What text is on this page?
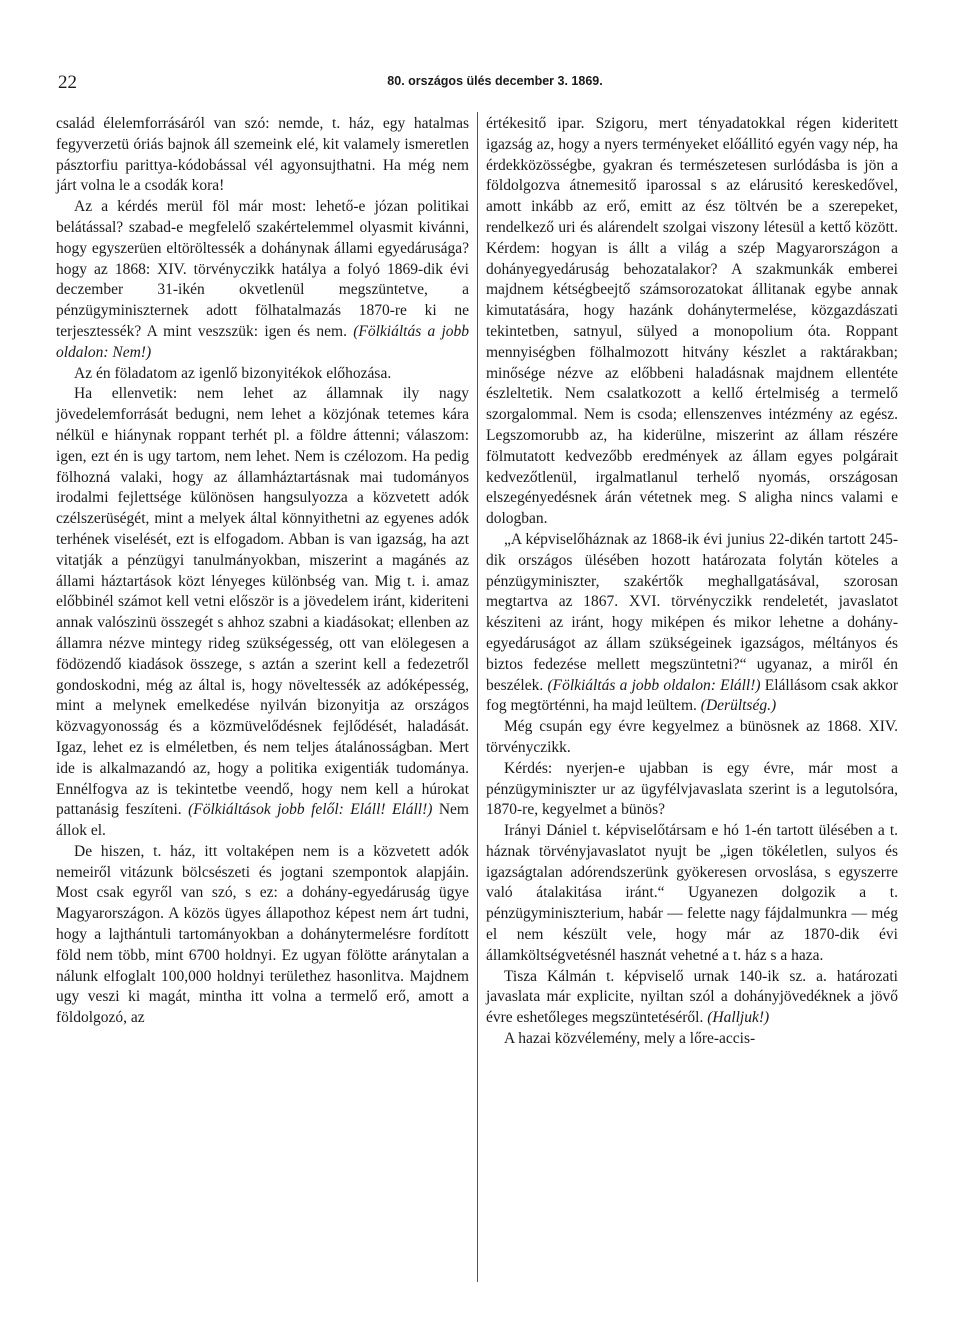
22	80. országos ülés december 3. 1869.

család élelemforrásáról van szó: nemde, t. ház, egy hatalmas fegyverzetü óriás bajnok áll szemeink elé, kit valamely ismeretlen pásztorfiu parittya-kódobással vél agyonsujthatni. Ha még nem járt volna le a csodák kora!

Az a kérdés merül föl már most: lehető-e józan politikai belátással? szabad-e megfelelő szakértelemmel olyasmit kivánni, hogy egyszerüen eltöröltessék a dohánynak állami egyedárusága? hogy az 1868: XIV. törvényczikk hatálya a folyó 1869-dik évi deczember 31-ikén okvetlenül megszüntetve, a pénzügyminiszternek adott fölhatalmazás 1870-re ki ne terjesztessék? A mint veszszük: igen és nem. (Fölkiáltás a jobb oldalon: Nem!)

Az én föladatom az igenlő bizonyitékok előhozása.

Ha ellenvetik: nem lehet az államnak ily nagy jövedelemforrását bedugni, nem lehet a közjónak tetemes kára nélkül e hiánynak roppant terhét pl. a földre áttenni; válaszom: igen, ezt én is ugy tartom, nem lehet. Nem is czélozom. Ha pedig fölhozná valaki, hogy az államháztartásnak mai tudományos irodalmi fejlettsége különösen hangsulyozza a közvetett adók czélszerüségét, mint a melyek által könnyithetni az egyenes adók terhének viselését, ezt is elfogadom. Abban is van igazság, ha azt vitatják a pénzügyi tanulmányokban, miszerint a magánés az állami háztartások közt lényeges különbség van. Mig t. i. amaz előbbinél számot kell vetni először is a jövedelem iránt, kideriteni annak valószinü összegét s ahhoz szabni a kiadásokat; ellenben az államra nézve mintegy rideg szükségesség, ott van elölegesen a födözendő kiadások összege, s aztán a szerint kell a fedezetről gondoskodni, még az által is, hogy növeltessék az adóképesség, mint a melynek emelkedése nyilván bizonyitja az országos közvagyonosság és a közmüvelődésnek fejlődését, haladását. Igaz, lehet ez is elméletben, és nem teljes átalánosságban. Mert ide is alkalmazandó az, hogy a politika exigentiák tudománya. Ennélfogva az is tekintetbe veendő, hogy nem kell a húrokat pattanásig feszíteni. (Fölkiáltások jobb felől: Eláll! Eláll!) Nem állok el.

De hiszen, t. ház, itt voltaképen nem is a közvetett adók nemeiről vitázunk bölcsészeti és jogtani szempontok alapjáin. Most csak egyről van szó, s ez: a dohány-egyedáruság ügye Magyarországon. A közös ügyes állapothoz képest nem árt tudni, hogy a lajthántuli tartományokban a dohánytermelésre fordított föld nem több, mint 6700 holdnyi. Ez ugyan fölötte aránytalan a nálunk elfoglalt 100,000 holdnyi területhez hasonlitva. Majdnem ugy veszi ki magát, mintha itt volna a termelő erő, amott a földolgozó, az

értékesitő ipar. Szigoru, mert tényadatokkal régen kideritett igazság az, hogy a nyers terményeket előállitó egyén vagy nép, ha érdekközösségbe, gyakran és természetesen surlódásba is jön a földolgozva átnemesitő iparossal s az elárusitó kereskedővel, amott inkább az erő, emitt az ész töltvén be a szerepeket, rendelkező uri és alárendelt szolgai viszony létesül a kettő között. Kérdem: hogyan is állt a világ a szép Magyarországon a dohányegyedáruság behozatalakor? A szakmunkák emberei majdnem kétségbeejtő számsorozatokat állitanak egybe annak kimutatására, hogy hazánk dohánytermelése, közgazdászati tekintetben, satnyul, sülyed a monopolium óta. Roppant mennyiségben fölhalmozott hitvány készlet a raktárakban; minősége nézve az előbbeni haladásnak majdnem ellentéte észleltetik. Nem csalatkozott a kellő értelmiség a termelő szorgalommal. Nem is csoda; ellenszenves intézmény az egész. Legszomorubb az, ha kiderülne, miszerint az állam részére fölmutatott kedvezőbb eredmények az állam egyes polgárait kedvezőtlenül, irgalmatlanul terhelő nyomás, országosan elszegényedésnek árán vétetnek meg. S aligha nincs valami e dologban.

„A képviselőháznak az 1868-ik évi junius 22-dikén tartott 245-dik országos ülésében hozott határozata folytán köteles a pénzügyminiszter, szakértők meghallgatásával, szorosan megtartva az 1867. XVI. törvényczikk rendeletét, javaslatot késziteni az iránt, hogy miképen és mikor lehetne a dohány-egyedáruságot az állam szükségeinek igazságos, méltányos és biztos fedezése mellett megszüntetni?“ ugyanaz, a miről én beszélek. (Fölkiáltás a jobb oldalon: Eláll!) Elállásom csak akkor fog megtörténni, ha majd leültem. (Derültség.)

Még csupán egy évre kegyelmez a bünösnek az 1868. XIV. törvényczikk.

Kérdés: nyerjen-e ujabban is egy évre, már most a pénzügyminiszter ur az ügyfélvjavaslata szerint is a legutolsóra, 1870-re, kegyelmet a bünös?

Irányi Dániel t. képviselőtársam e hó 1-én tartott ülésében a t. háznak törvényjavaslatot nyujt be „igen tökéletlen, sulyos és igazságtalan adórendszerünk gyökeresen orvoslása, s egyszerre való átalakitása iránt.“ Ugyanezen dolgozik a t. pénzügyminiszterium, habár — felette nagy fájdalmunkra — még el nem készült vele, hogy már az 1870-dik évi államköltségvetésnél hasznát vehetné a t. ház s a haza.

Tisza Kálmán t. képviselő urnak 140-ik sz. a. határozati javaslata már explicite, nyiltan szól a dohányjövedéknek a jövő évre eshetőleges megszüntetéséről. (Halljuk!)

A hazai közvélemény, mely a lőre-accis-
